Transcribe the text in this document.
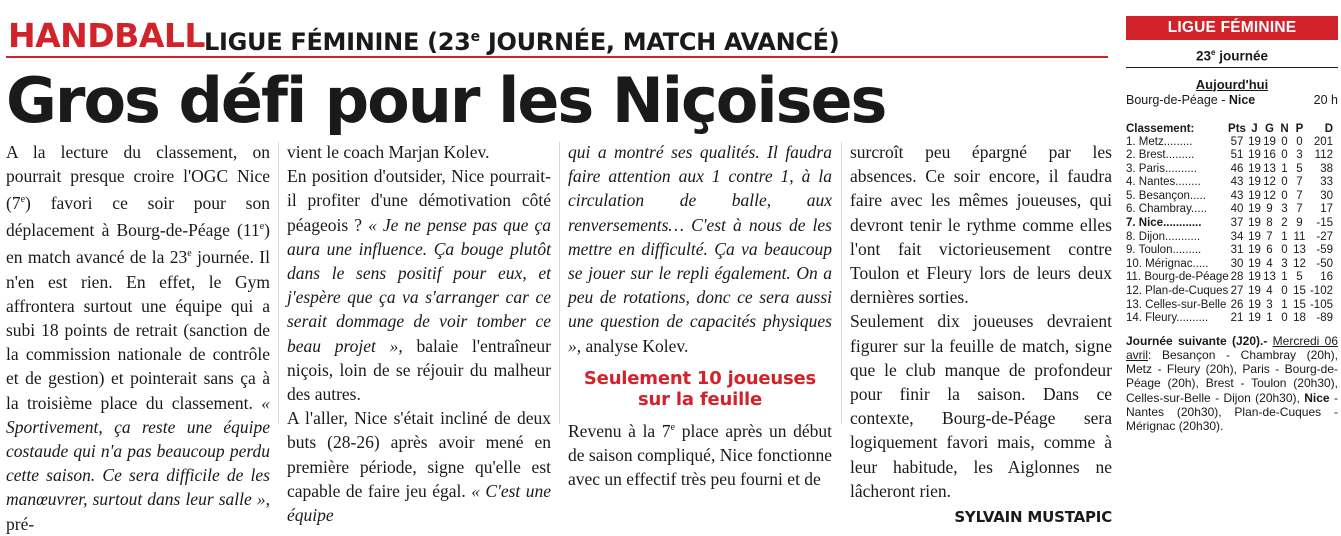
HANDBALL LIGUE FÉMININE (23e JOURNÉE, MATCH AVANCÉ)
Gros défi pour les Niçoises

A la lecture du classement, on pourrait presque croire l'OGC Nice (7e) favori ce soir pour son déplacement à Bourg-de-Péage (11e) en match avancé de la 23e journée. Il n'en est rien. En effet, le Gym affrontera surtout une équipe qui a subi 18 points de retrait (sanction de la commission nationale de contrôle et de gestion) et pointerait sans ça à la troisième place du classement. « Sportivement, ça reste une équipe costaude qui n'a pas beaucoup perdu cette saison. Ce sera difficile de les manœuvrer, surtout dans leur salle », pré-

vient le coach Marjan Kolev.

En position d'outsider, Nice pourrait-il profiter d'une démotivation côté péageois ? « Je ne pense pas que ça aura une influence. Ça bouge plutôt dans le sens positif pour eux, et j'espère que ça va s'arranger car ce serait dommage de voir tomber ce beau projet », balaie l'entraîneur niçois, loin de se réjouir du malheur des autres.

A l'aller, Nice s'était incliné de deux buts (28-26) après avoir mené en première période, signe qu'elle est capable de faire jeu égal. « C'est une équipe

qui a montré ses qualités. Il faudra faire attention aux 1 contre 1, à la circulation de balle, aux renversements… C'est à nous de les mettre en difficulté. Ça va beaucoup se jouer sur le repli également. On a peu de rotations, donc ce sera aussi une question de capacités physiques », analyse Kolev.

Seulement 10 joueuses
sur la feuille

Revenu à la 7e place après un début de saison compliqué, Nice fonctionne avec un effectif très peu fourni et de

surcroît peu épargné par les absences. Ce soir encore, il faudra faire avec les mêmes joueuses, qui devront tenir le rythme comme elles l'ont fait victorieusement contre Toulon et Fleury lors de leurs deux dernières sorties.

Seulement dix joueuses devraient figurer sur la feuille de match, signe que le club manque de profondeur pour finir la saison. Dans ce contexte, Bourg-de-Péage sera logiquement favori mais, comme à leur habitude, les Aiglonnes ne lâcheront rien.

SYLVAIN MUSTAPIC
LIGUE FÉMININE
23e journée
Aujourd'hui
Bourg-de-Péage - Nice	20 h
Classement:	Pts J G N P	D
1. Metz.........	57 19 19 0 0 201
2. Brest.........	51 19 16 0 3	112
3. Paris..........	46 19 13 1 5	38
4. Nantes........	43 19 12 0 7	33
5. Besançon.....	43 19 12 0 7	30
6. Chambray.....	40 19 9 3 7	17
7. Nice............	37 19 8 2 9	-15
8. Dijon...........	34 19 7 1 11 -27
9. Toulon.........	31 19 6 0 13 -59
10. Mérignac.....	30 19 4 3 12 -50
11. Bourg-de-Péage 28 19 13 1 5	16
12. Plan-de-Cuques 27 19 4 0 15 -102
13. Celles-sur-Belle 26 19 3 1 15 -105
14. Fleury..........	21 19 1 0 18 -89
Journée suivante (J20).- Mercredi 06 avril: Besançon - Chambray (20h), Metz - Fleury (20h), Paris - Bourg-de-Péage (20h), Brest - Toulon (20h30), Celles-sur-Belle - Dijon (20h30), Nice - Nantes (20h30), Plan-de-Cuques - Mérignac (20h30).
